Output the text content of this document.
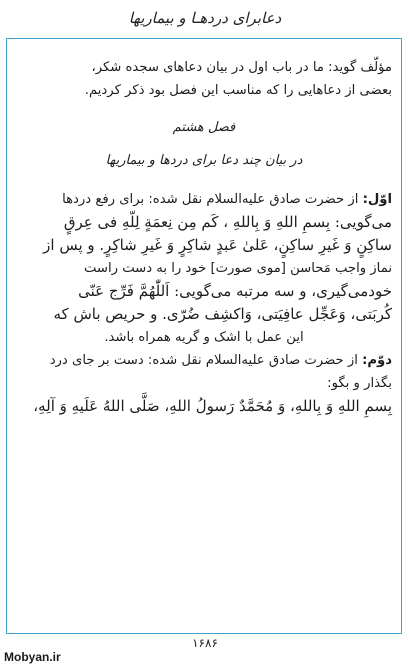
دعابرای دردهـا و بیماریها

مؤلّف گوید: ما در باب اول در بیان دعاهای سجده شکر،
بعضی از دعاهایی را که مناسب این فصل بود ذکر کردیم.

فصل هشتم
در بیان چند دعا برای دردها و بیماریها

اوّل: از حضرت صادق علیه‌السلام نقل شده: برای رفع دردها
می‌گویی: بِسمِ اللهِ وَ بِاللهِ ، کَم مِن نِعمَةٍ لِلّهِ فی عِرقٍ
ساکِنٍ وَ غَیرِ ساکِنٍ، عَلیٰ عَبدٍ شاکِرٍ وَ غَیرِ شاکِرٍ. و پس از
نماز واجب مَحاسن [موی صورت] خود را به دست راست
خودمی‌گیری، و سه مرتبه می‌گویی: اَللّٰهُمَّ فَرِّج عَنّی
کُربَتی، وَعَجِّل عافِیَتی، وَاکشِف ضُرّی. و حریص باش که
این عمل با اشک و گریه همراه باشد.

دوّم: از حضرت صادق علیه‌السلام نقل شده: دست بر جای درد
بگذار و بگو:
بِسمِ اللهِ وَ بِاللهِ، وَ مُحَمَّدٌ رَسولُ اللهِ، صَلَّی اللهُ عَلَیهِ وَ آلِهِ،

۱۶۸۶
Mobyan.ir
